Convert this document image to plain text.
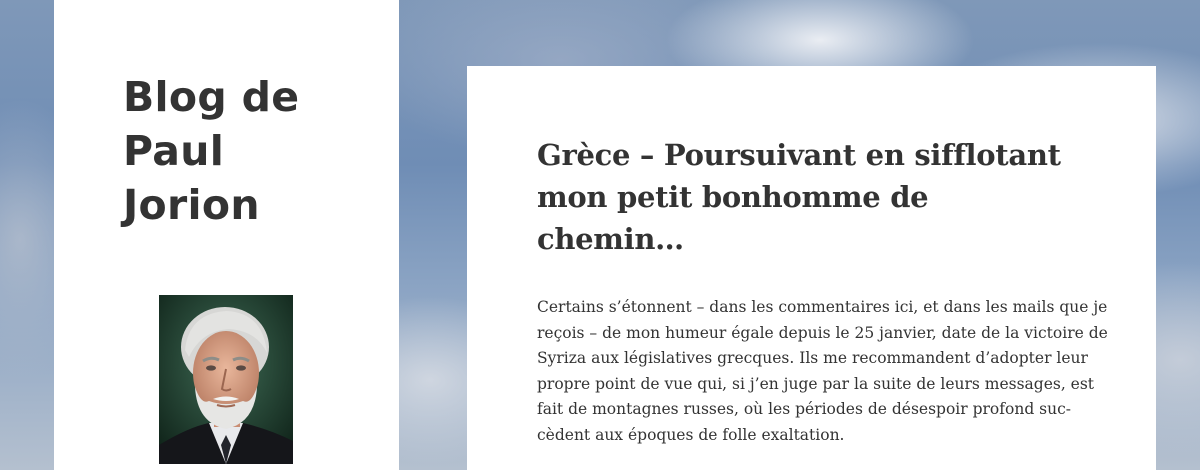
Blog de
Paul
Jorion
Grèce – Poursuivant en sifflotant
mon petit bonhomme de
chemin…

Certains s’étonnent – dans les commentaires ici, et dans les mails que je
reçois – de mon humeur égale depuis le 25 janvier, date de la victoire de
Syriza aux législatives grecques. Ils me recommandent d’adopter leur
propre point de vue qui, si j’en juge par la suite de leurs messages, est
fait de montagnes russes, où les périodes de désespoir profond suc-
cèdent aux époques de folle exaltation.
